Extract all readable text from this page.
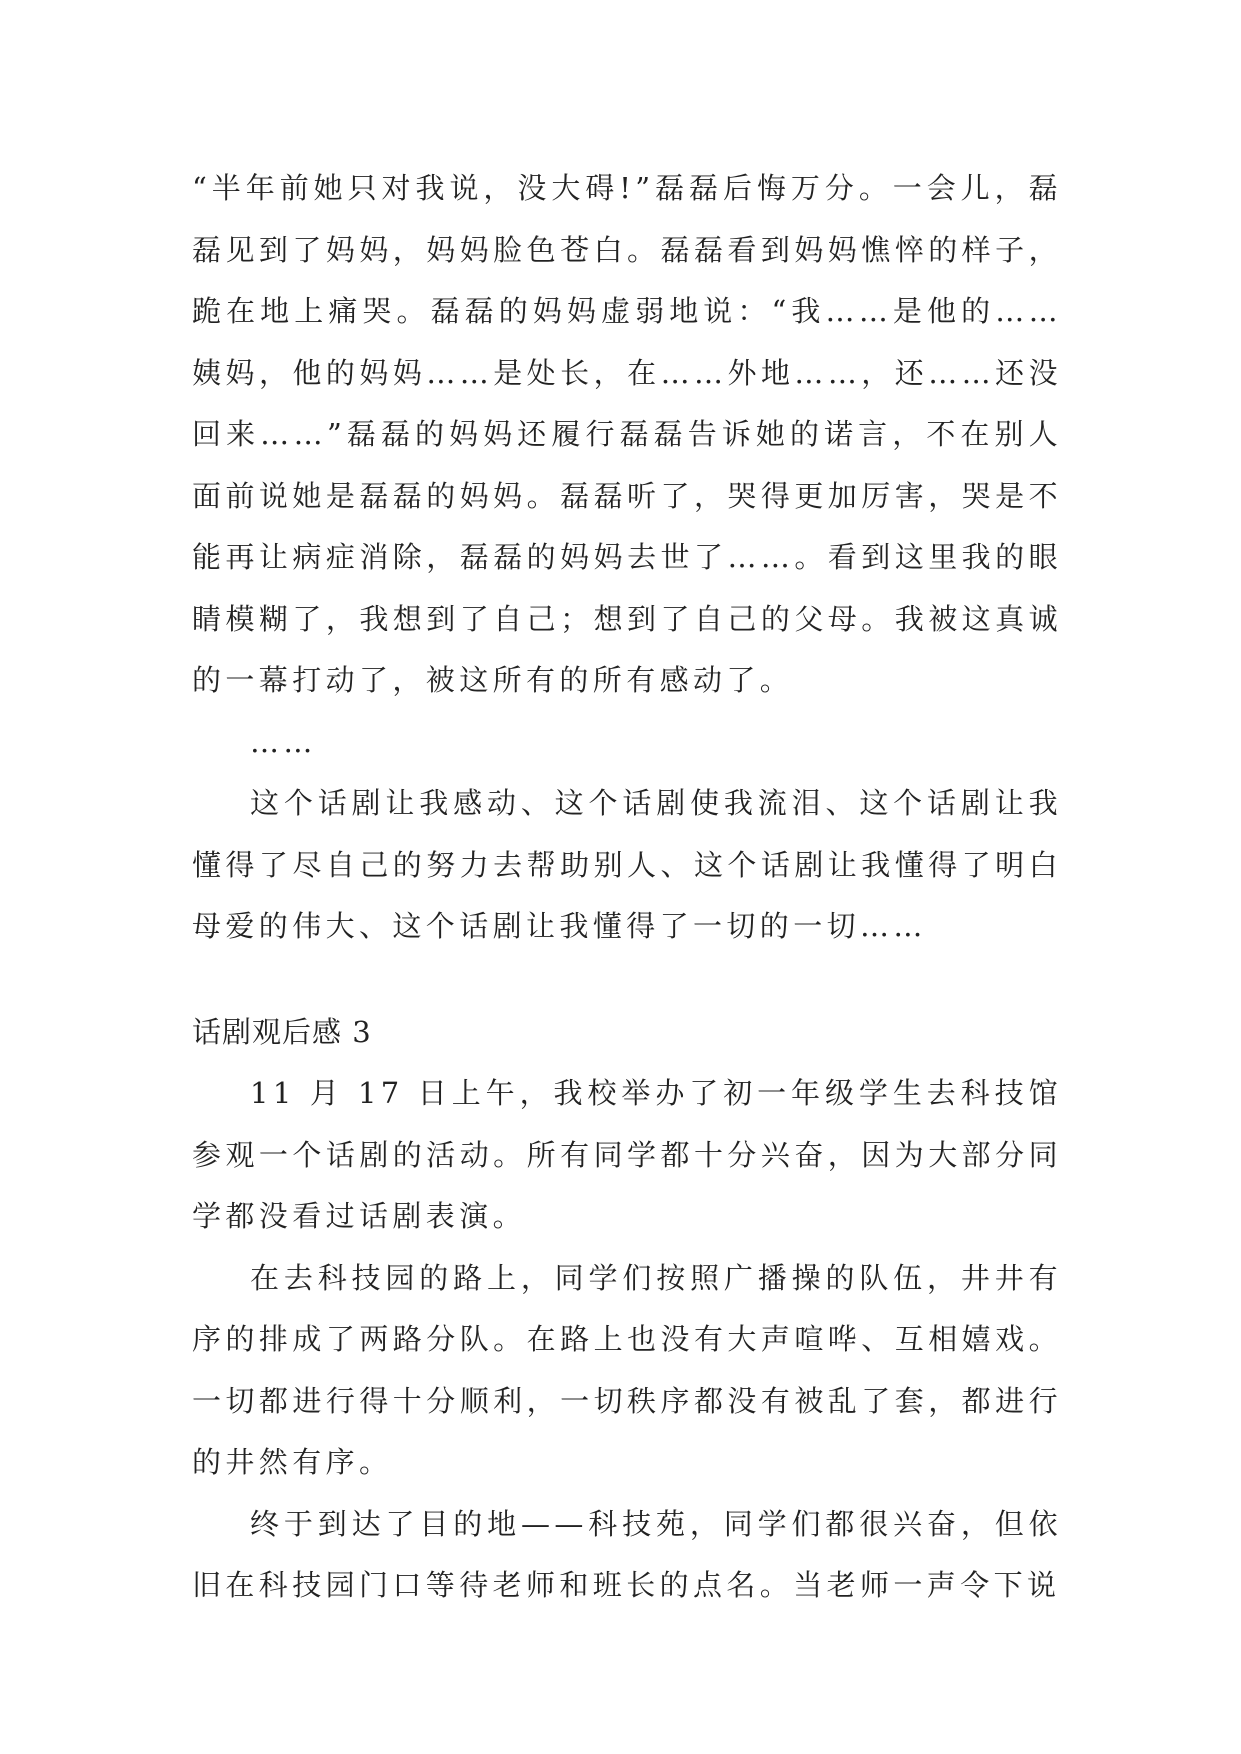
“半年前她只对我说，没大碍!”磊磊后悔万分。一会儿，磊磊见到了妈妈，妈妈脸色苍白。磊磊看到妈妈憔悴的样子，跪在地上痛哭。磊磊的妈妈虚弱地说：“我……是他的……姨妈，他的妈妈……是处长，在……外地……，还……还没回来……”磊磊的妈妈还履行磊磊告诉她的诺言，不在别人面前说她是磊磊的妈妈。磊磊听了，哭得更加厉害，哭是不能再让病症消除，磊磊的妈妈去世了……。看到这里我的眼睛模糊了，我想到了自己；想到了自己的父母。我被这真诚的一幕打动了，被这所有的所有感动了。

……

这个话剧让我感动、这个话剧使我流泪、这个话剧让我懂得了尽自己的努力去帮助别人、这个话剧让我懂得了明白母爱的伟大、这个话剧让我懂得了一切的一切……

话剧观后感 3

11 月 17 日上午，我校举办了初一年级学生去科技馆参观一个话剧的活动。所有同学都十分兴奋，因为大部分同学都没看过话剧表演。

在去科技园的路上，同学们按照广播操的队伍，井井有序的排成了两路分队。在路上也没有大声喧哗、互相嬉戏。一切都进行得十分顺利，一切秩序都没有被乱了套，都进行的井然有序。

终于到达了目的地——科技苑，同学们都很兴奋，但依旧在科技园门口等待老师和班长的点名。当老师一声令下说
